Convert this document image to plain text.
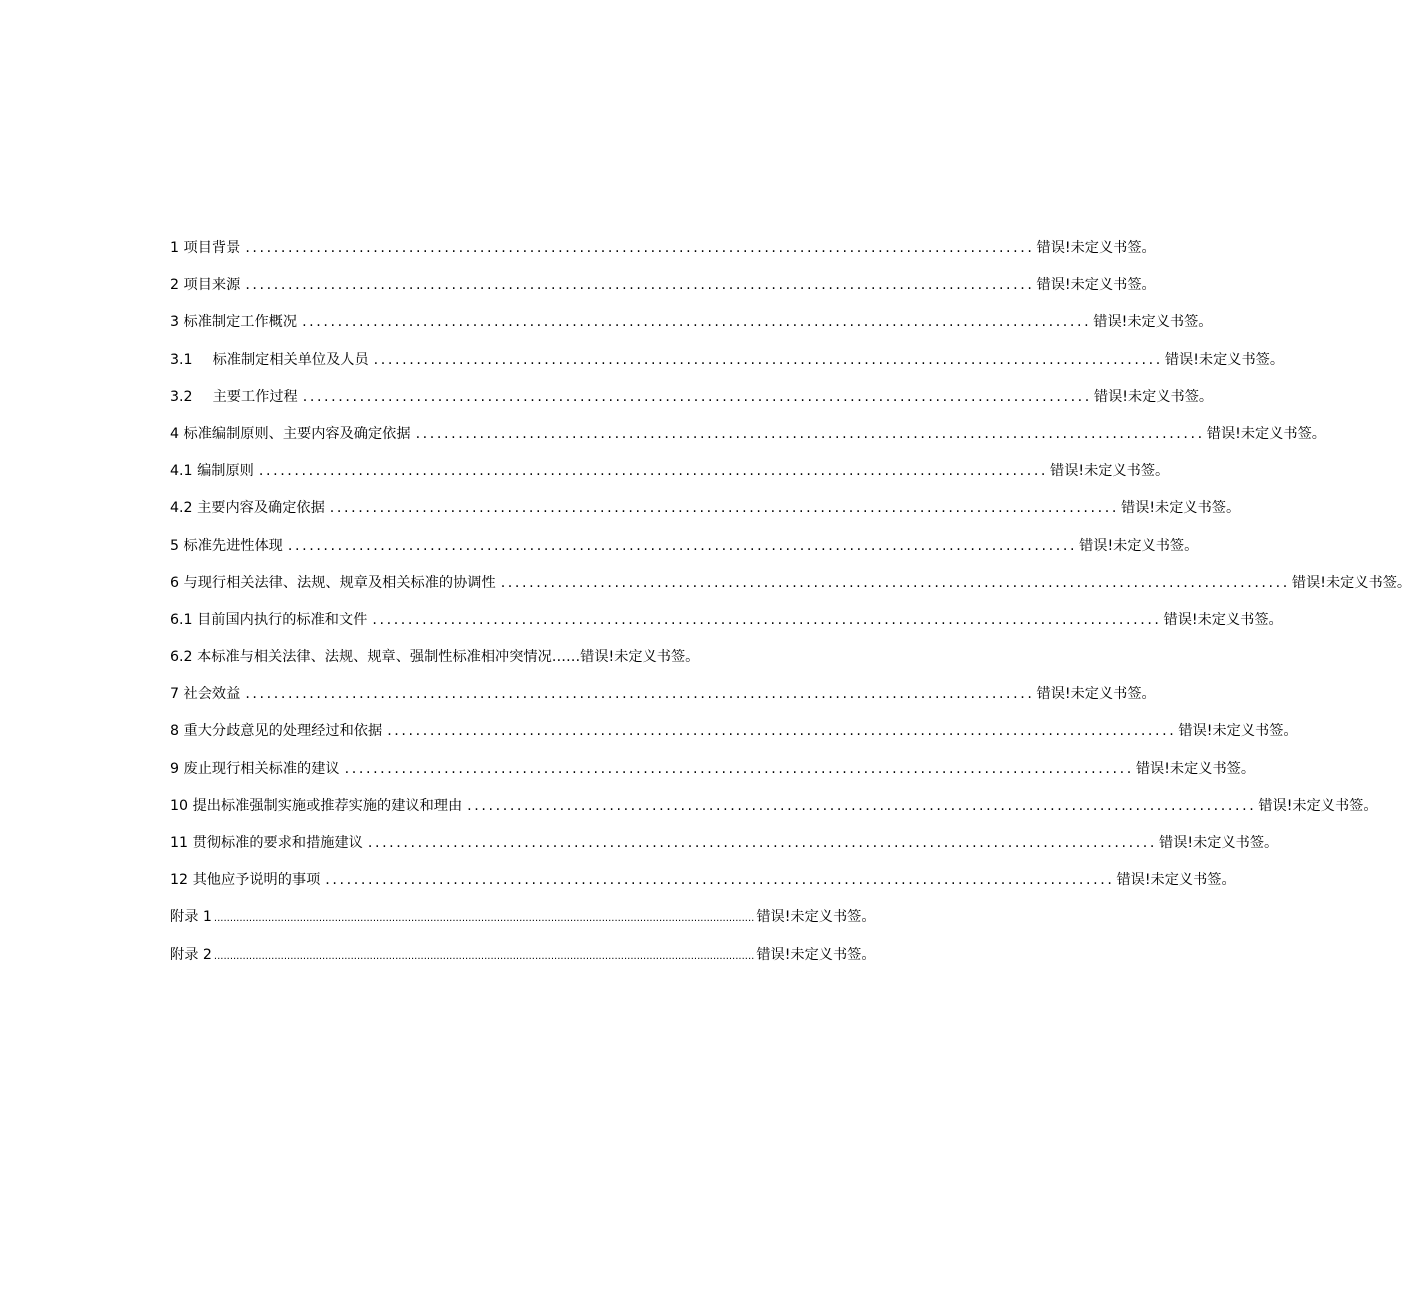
1 项目背景 ............................................................................................................... 错误!未定义书签。
2 项目来源 ............................................................................................................... 错误!未定义书签。
3 标准制定工作概况 ............................................................................................................... 错误!未定义书签。
3.1 标准制定相关单位及人员 ............................................................................................................... 错误!未定义书签。
3.2 主要工作过程 ............................................................................................................... 错误!未定义书签。
4 标准编制原则、主要内容及确定依据 ............................................................................................................... 错误!未定义书签。
4.1 编制原则 ............................................................................................................... 错误!未定义书签。
4.2 主要内容及确定依据 ............................................................................................................... 错误!未定义书签。
5 标准先进性体现 ............................................................................................................... 错误!未定义书签。
6 与现行相关法律、法规、规章及相关标准的协调性 ............................................................................................................... 错误!未定义书签。
6.1 目前国内执行的标准和文件 ............................................................................................................... 错误!未定义书签。
6.2 本标准与相关法律、法规、规章、强制性标准相冲突情况…… 错误!未定义书签。
7 社会效益 ............................................................................................................... 错误!未定义书签。
8 重大分歧意见的处理经过和依据 ............................................................................................................... 错误!未定义书签。
9 废止现行相关标准的建议 ............................................................................................................... 错误!未定义书签。
10 提出标准强制实施或推荐实施的建议和理由 ............................................................................................................... 错误!未定义书签。
11 贯彻标准的要求和措施建议 ............................................................................................................... 错误!未定义书签。
12 其他应予说明的事项 ............................................................................................................... 错误!未定义书签。
附录 1 .......................................................................................................................................................................... 错误!未定义书签。
附录 2 .......................................................................................................................................................................... 错误!未定义书签。
